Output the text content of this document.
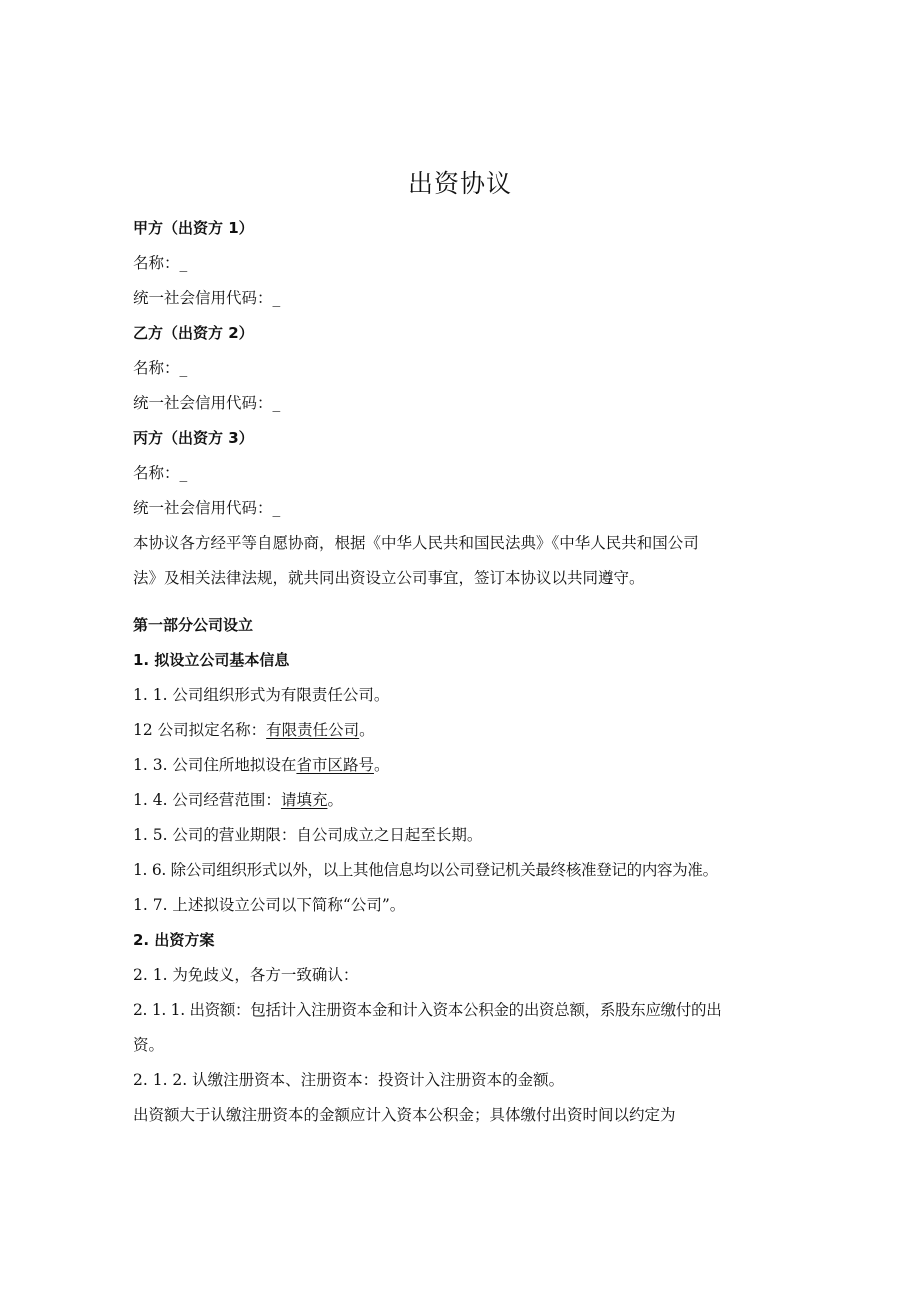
出资协议
甲方（出资方 1）
名称：_
统一社会信用代码：_
乙方（出资方 2）
名称：_
统一社会信用代码：_
丙方（出资方 3）
名称：_
统一社会信用代码：_
本协议各方经平等自愿协商，根据《中华人民共和国民法典》《中华人民共和国公司
法》及相关法律法规，就共同出资设立公司事宜，签订本协议以共同遵守。
第一部分公司设立
1. 拟设立公司基本信息
1. 1. 公司组织形式为有限责任公司。
12 公司拟定名称：有限责任公司。
1. 3. 公司住所地拟设在省市区路号。
1. 4. 公司经营范围：请填充。
1. 5. 公司的营业期限：自公司成立之日起至长期。
1. 6. 除公司组织形式以外，以上其他信息均以公司登记机关最终核准登记的内容为准。
1. 7. 上述拟设立公司以下简称“公司”。
2. 出资方案
2. 1. 为免歧义，各方一致确认：
2. 1. 1. 出资额：包括计入注册资本金和计入资本公积金的出资总额，系股东应缴付的出
资。
2. 1. 2. 认缴注册资本、注册资本：投资计入注册资本的金额。
出资额大于认缴注册资本的金额应计入资本公积金；具体缴付出资时间以约定为
